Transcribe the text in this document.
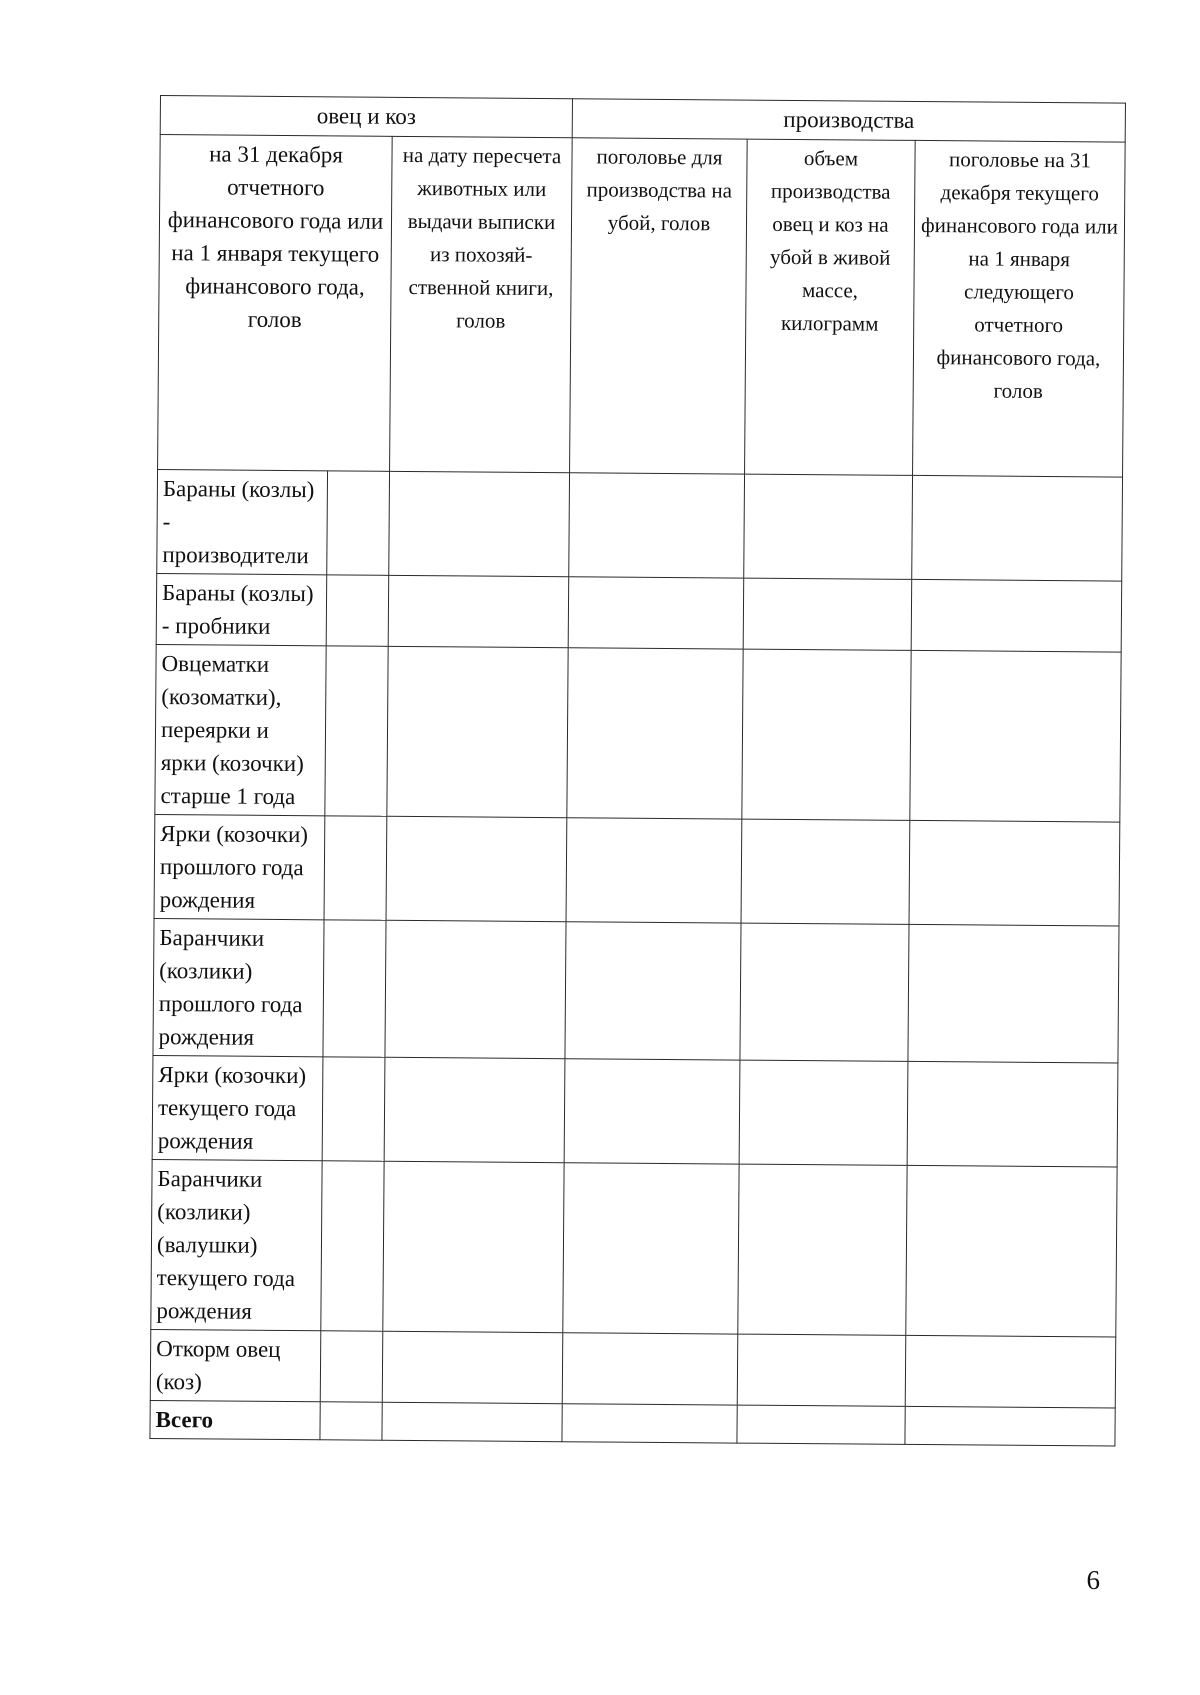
овец и коз			производства		
на 31 декабря отчетного финансового года или на 1 января текущего финансового года, голов		на дату пересчета животных или выдачи выписки из похозяй- ственной книги, голов	поголовье для производства на убой, голов	объем производства овец и коз на убой в живой массе, килограмм	поголовье на 31 декабря текущего финансового года или на 1 января следующего отчетного финансового года, голов
Бараны (козлы) - производители					
Бараны (козлы) - пробники					
Овцематки (козоматки), переярки и ярки (козочки) старше 1 года					
Ярки (козочки) прошлого года рождения					
Баранчики (козлики) прошлого года рождения					
Ярки (козочки) текущего года рождения					
Баранчики (козлики) (валушки) текущего года рождения					
Откорм овец (коз)					
Всего					
6
